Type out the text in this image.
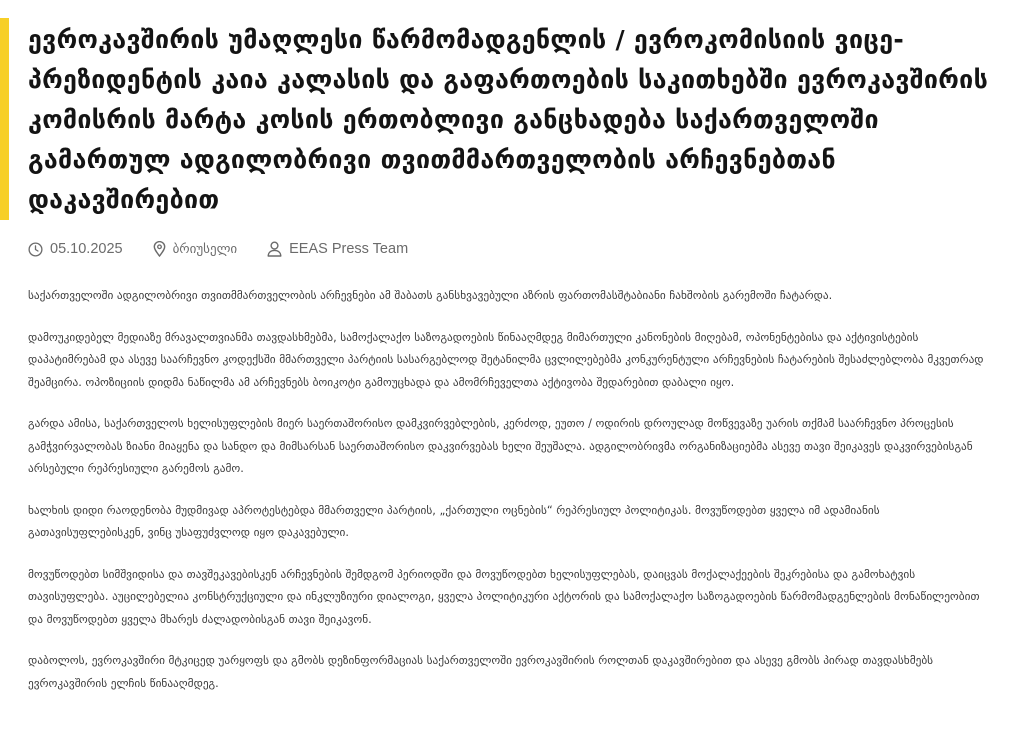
ევროკავშირის უმაღლესი წარმომადგენლის / ევროკომისიის ვიცე-პრეზიდენტის კაია კალასის და გაფართოების საკითხებში ევროკავშირის კომისრის მარტა კოსის ერთობლივი განცხადება საქართველოში გამართულ ადგილობრივი თვითმმართველობის არჩევნებთან დაკავშირებით
05.10.2025	ბრიუსელი	EEAS Press Team

საქართველოში ადგილობრივი თვითმმართველობის არჩევნები ამ შაბათს განსხვავებული აზრის ფართომასშტაბიანი ჩახშობის გარემოში ჩატარდა.

დამოუკიდებელ მედიაზე მრავალთვიანმა თავდასხმებმა, სამოქალაქო საზოგადოების წინააღმდეგ მიმართული კანონების მიღებამ, ოპონენტებისა და აქტივისტების დაპატიმრებამ და ასევე საარჩევნო კოდექსში მმართველი პარტიის სასარგებლოდ შეტანილმა ცვლილებებმა კონკურენტული არჩევნების ჩატარების შესაძლებლობა მკვეთრად შეამცირა. ოპოზიციის დიდმა ნაწილმა ამ არჩევნებს ბოიკოტი გამოუცხადა და ამომრჩეველთა აქტივობა შედარებით დაბალი იყო.

გარდა ამისა, საქართველოს ხელისუფლების მიერ საერთაშორისო დამკვირვებლების, კერძოდ, ეუთო / ოდირის დროულად მოწვევაზე უარის თქმამ საარჩევნო პროცესის გამჭვირვალობას ზიანი მიაყენა და სანდო და მიმსარსან საერთაშორისო დაკვირვებას ხელი შეუშალა. ადგილობრივმა ორგანიზაციებმა ასევე თავი შეიკავეს დაკვირვებისგან არსებული რეპრესიული გარემოს გამო.

ხალხის დიდი რაოდენობა მუდმივად აპროტესტებდა მმართველი პარტიის, „ქართული ოცნების“ რეპრესიულ პოლიტიკას. მოვუწოდებთ ყველა იმ ადამიანის გათავისუფლებისკენ, ვინც უსაფუძვლოდ იყო დაკავებული.

მოვუწოდებთ სიმშვიდისა და თავშეკავებისკენ არჩევნების შემდგომ პერიოდში და მოვუწოდებთ ხელისუფლებას, დაიცვას მოქალაქეების შეკრებისა და გამოხატვის თავისუფლება. აუცილებელია კონსტრუქციული და ინკლუზიური დიალოგი, ყველა პოლიტიკური აქტორის და სამოქალაქო საზოგადოების წარმომადგენლების მონაწილეობით და მოვუწოდებთ ყველა მხარეს ძალადობისგან თავი შეიკავონ.

დაბოლოს, ევროკავშირი მტკიცედ უარყოფს და გმობს დეზინფორმაციას საქართველოში ევროკავშირის როლთან დაკავშირებით და ასევე გმობს პირად თავდასხმებს ევროკავშირის ელჩის წინააღმდეგ.
